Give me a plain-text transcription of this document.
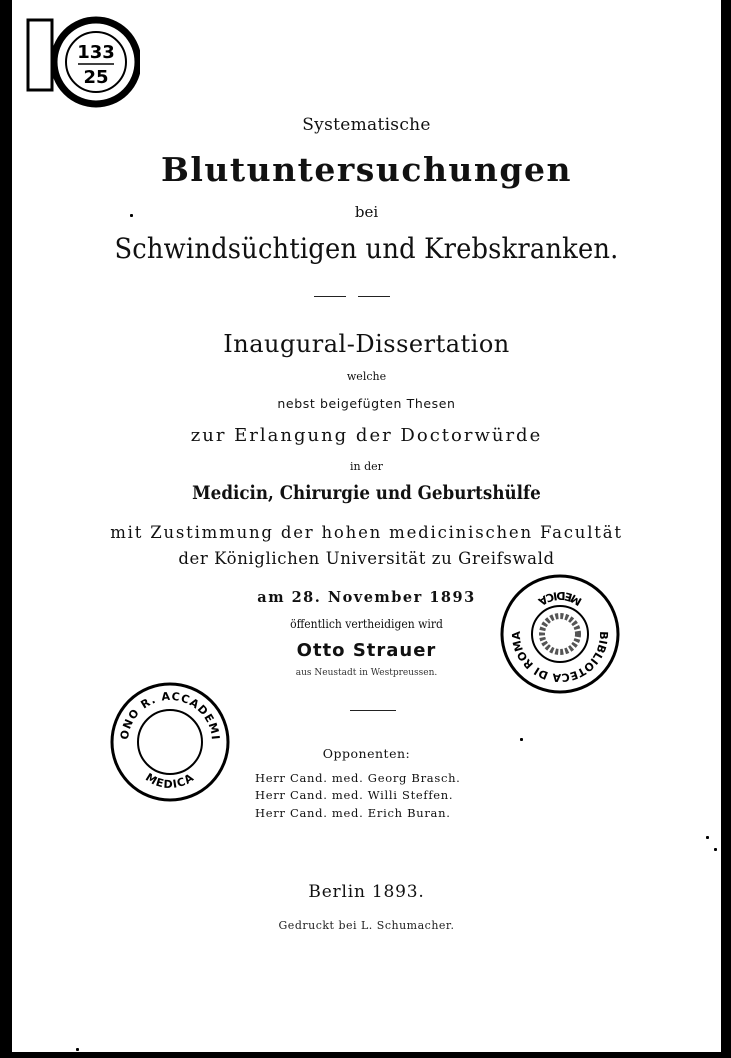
133
25
Systematische
Blutuntersuchungen
bei
Schwindsüchtigen und Krebskranken.
Inaugural-Dissertation
welche
nebst beigefügten Thesen
zur Erlangung der Doctorwürde
in der
Medicin, Chirurgie und Geburtshülfe
mit Zustimmung der hohen medicinischen Facultät
der Königlichen Universität zu Greifswald
am 28. November 1893
öffentlich vertheidigen wird
Otto Strauer
aus Neustadt in Westpreussen.
BIBLIOTECA DI ROMA
MEDICA
ONO R. ACCADEMI
MEDICA
Opponenten:
Herr Cand. med. Georg Brasch.
Herr Cand. med. Willi Steffen.
Herr Cand. med. Erich Buran.
Berlin 1893.
Gedruckt bei L. Schumacher.
